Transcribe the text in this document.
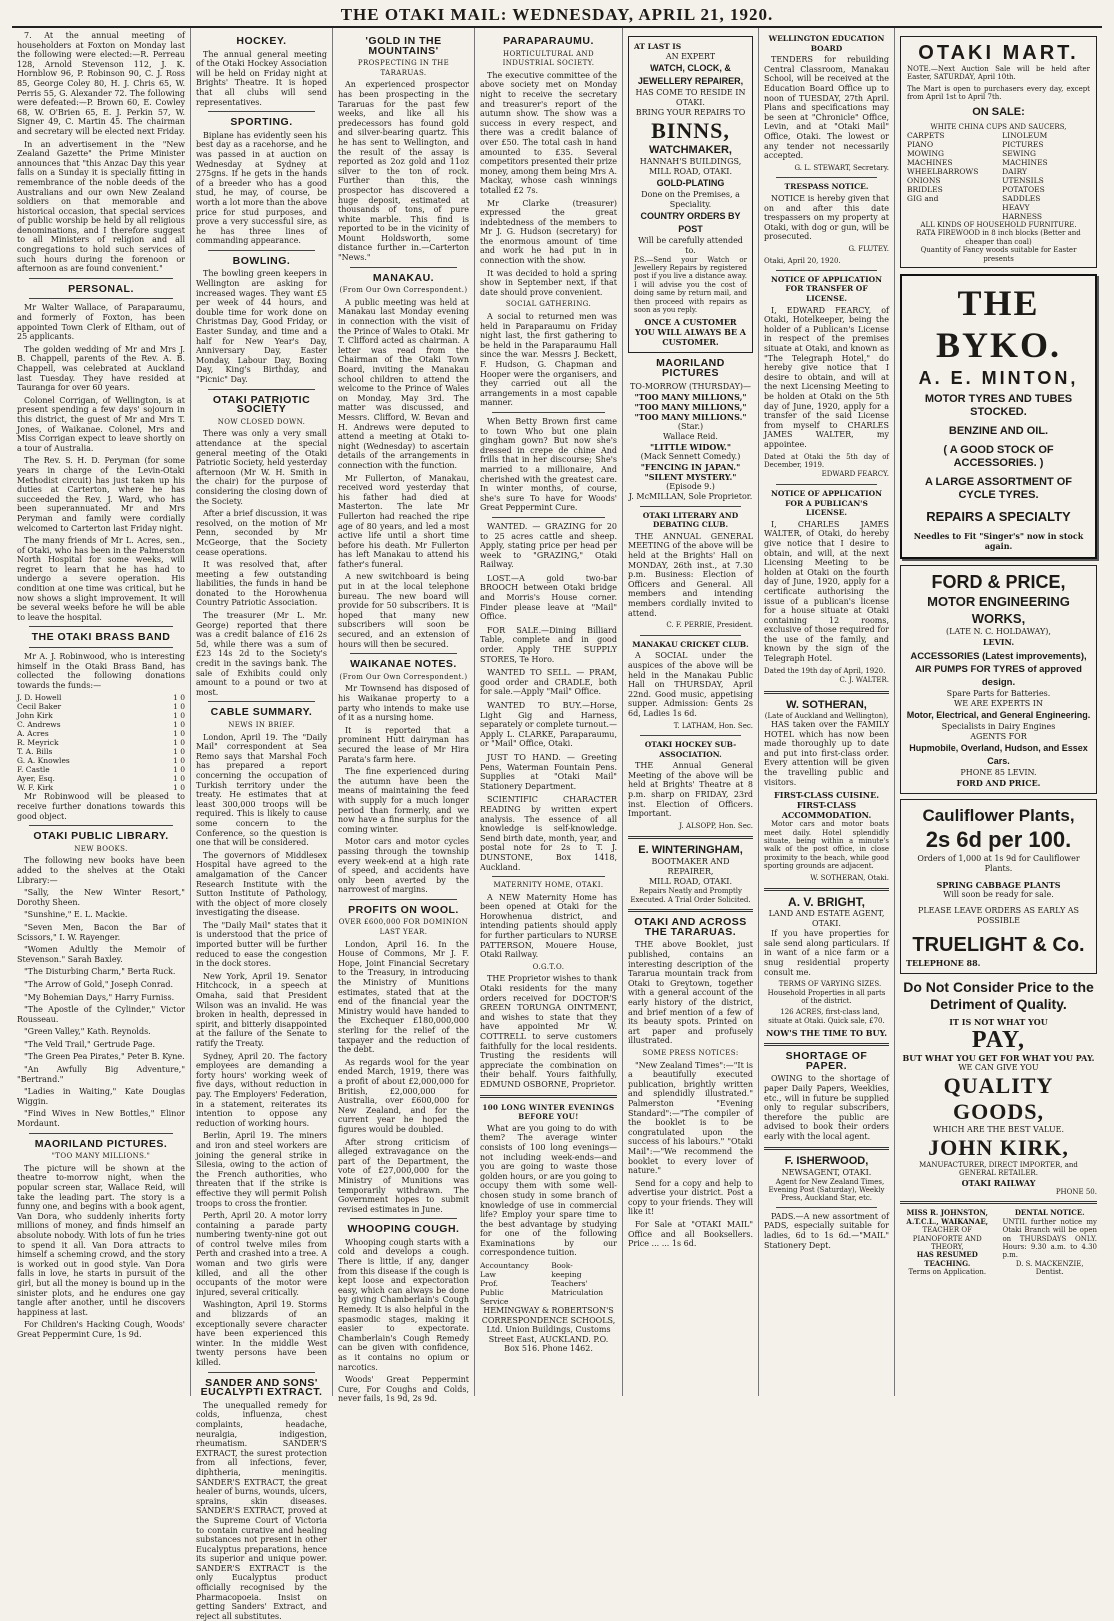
THE OTAKI MAIL: WEDNESDAY, APRIL 21, 1920.

7. At the annual meeting of householders at Foxton on Monday last the following were elected:—R. Perreau 128, Arnold Stevenson 112, J. K. Hornblow 96, P. Robinson 90, C. J. Ross 85, George Coley 80, H. J. Chris 65, W. Perris 55, G. Alexander 72. The following were defeated:—P. Brown 60, E. Cowley 68, W. O'Brien 65, E. J. Perkin 57, W. Signer 49, C. Martin 45. The chairman and secretary will be elected next Friday.

In an advertisement in the "New Zealand Gazette" the Prime Minister announces that "this Anzac Day this year falls on a Sunday it is specially fitting in remembrance of the noble deeds of the Australians and our own New Zealand soldiers on that memorable and historical occasion, that special services of public worship be held by all religious denominations, and I therefore suggest to all Ministers of religion and all congregations to hold such services of such hours during the forenoon or afternoon as are found convenient."

PERSONAL.

Mr Walter Wallace, of Paraparaumu, and formerly of Foxton, has been appointed Town Clerk of Eltham, out of 25 applicants.

The golden wedding of Mr and Mrs J. B. Chappell, parents of the Rev. A. B. Chappell, was celebrated at Auckland last Tuesday. They have resided at Tauranga for over 60 years.

Colonel Corrigan, of Wellington, is at present spending a few days' sojourn in this district, the guest of Mr and Mrs T. Jones, of Waikanae. Colonel, Mrs and Miss Corrigan expect to leave shortly on a tour of Australia.

The Rev. S. H. D. Peryman (for some years in charge of the Levin-Otaki Methodist circuit) has just taken up his duties at Carterton, where he has succeeded the Rev. J. Ward, who has been superannuated. Mr and Mrs Peryman and family were cordially welcomed to Carterton last Friday night.

The many friends of Mr L. Acres, sen., of Otaki, who has been in the Palmerston North Hospital for some weeks, will regret to learn that he has had to undergo a severe operation. His condition at one time was critical, but he now shows a slight improvement. It will be several weeks before he will be able to leave the hospital.

THE OTAKI BRASS BAND

Mr A. J. Robinwood, who is interesting himself in the Otaki Brass Band, has collected the following donations towards the funds:—

J. D. Howell	1 0
Cecil Baker	1 0
John Kirk	1 0
C. Andrews	1 0
A. Acres	1 0
R. Meyrick	1 0
T. A. Bills	1 0
G. A. Knowles	1 0
F. Castle	1 0
Ayer, Esq.	1 0
W. F. Kirk	1 0

Mr Robinwood will be pleased to receive further donations towards this good object.

OTAKI PUBLIC LIBRARY.
NEW BOOKS.

The following new books have been added to the shelves at the Otaki Library:—

"Sally, the New Winter Resort," Dorothy Sheen.

"Sunshine," E. L. Mackie.

"Seven Men, Bacon the Bar of Scissors," I. W. Rayenger.

"Women Adultly the Memoir of Stevenson." Sarah Baxley.

"The Disturbing Charm," Berta Ruck.

"The Arrow of Gold," Joseph Conrad.

"My Bohemian Days," Harry Furniss.

"The Apostle of the Cylinder," Victor Rousseau.

"Green Valley," Kath. Reynolds.

"The Veld Trail," Gertrude Page.

"The Green Pea Pirates," Peter B. Kyne.

"An Awfully Big Adventure," "Bertrand."

"Ladies in Waiting," Kate Douglas Wiggin.

"Find Wives in New Bottles," Elinor Mordaunt.

MAORILAND PICTURES.
"TOO MANY MILLIONS."

The picture will be shown at the theatre to-morrow night, when the popular screen star, Wallace Reid, will take the leading part. The story is a funny one, and begins with a book agent, Van Dora, who suddenly inherits forty millions of money, and finds himself an absolute nobody. With lots of fun he tries to spend it all. Van Dora attracts to himself a scheming crowd, and the story is worked out in good style. Van Dora falls in love, he starts in pursuit of the girl, but all the money is bound up in the sinister plots, and he endures one gay tangle after another, until he discovers happiness at last.

For Children's Hacking Cough, Woods' Great Peppermint Cure, 1s 9d.

HOCKEY.

The annual general meeting of the Otaki Hockey Association will be held on Friday night at Brights' Theatre. It is hoped that all clubs will send representatives.

SPORTING.

Biplane has evidently seen his best day as a racehorse, and he was passed in at auction on Wednesday at Sydney at 275gns. If he gets in the hands of a breeder who has a good stud, he may, of course, be worth a lot more than the above price for stud purposes, and prove a very successful sire, as he has three lines of commanding appearance.

BOWLING.

The bowling green keepers in Wellington are asking for increased wages. They want £5 per week of 44 hours, and double time for work done on Christmas Day, Good Friday, or Easter Sunday, and time and a half for New Year's Day, Anniversary Day, Easter Monday, Labour Day, Boxing Day, King's Birthday, and "Picnic" Day.

OTAKI PATRIOTIC SOCIETY
NOW CLOSED DOWN.

There was only a very small attendance at the special general meeting of the Otaki Patriotic Society, held yesterday afternoon (Mr W. H. Smith in the chair) for the purpose of considering the closing down of the Society.

After a brief discussion, it was resolved, on the motion of Mr Penn, seconded by Mr McGeorge, that the Society cease operations.

It was resolved that, after meeting a few outstanding liabilities, the funds in hand be donated to the Horowhenua Country Patriotic Association.

The treasurer (Mr L. Mr. George) reported that there was a credit balance of £16 2s 5d, while there was a sum of £23 14s 2d to the Society's credit in the savings bank. The sale of Exhibits could only amount to a pound or two at most.

CABLE SUMMARY.
NEWS IN BRIEF.

London, April 19. The "Daily Mail" correspondent at Sea Remo says that Marshal Foch has prepared a report concerning the occupation of Turkish territory under the treaty. He estimates that at least 300,000 troops will be required. This is likely to cause some concern to the Conference, so the question is one that will be considered.

The governors of Middlesex Hospital have agreed to the amalgamation of the Cancer Research Institute with the Sutton Institute of Pathology, with the object of more closely investigating the disease.

The "Daily Mail" states that it is understood that the price of imported butter will be further reduced to ease the congestion in the dock stores.

New York, April 19. Senator Hitchcock, in a speech at Omaha, said that President Wilson was an invalid. He was broken in health, depressed in spirit, and bitterly disappointed at the failure of the Senate to ratify the Treaty.

Sydney, April 20. The factory employees are demanding a forty hours' working week of five days, without reduction in pay. The Employers' Federation, in a statement, reiterates its intention to oppose any reduction of working hours.

Berlin, April 19. The miners and iron and steel workers are joining the general strike in Silesia, owing to the action of the French authorities, who threaten that if the strike is effective they will permit Polish troops to cross the frontier.

Perth, April 20. A motor lorry containing a parade party numbering twenty-nine got out of control twelve miles from Perth and crashed into a tree. A woman and two girls were killed, and all the other occupants of the motor were injured, several critically.

Washington, April 19. Storms and blizzards of an exceptionally severe character have been experienced this winter. In the middle West twenty persons have been killed.

SANDER AND SONS' EUCALYPTI EXTRACT.

The unequalled remedy for colds, influenza, chest complaints, headache, neuralgia, indigestion, rheumatism. SANDER'S EXTRACT, the surest protection from all infections, fever, diphtheria, meningitis. SANDER'S EXTRACT, the great healer of burns, wounds, ulcers, sprains, skin diseases. SANDER'S EXTRACT, proved at the Supreme Court of Victoria to contain curative and healing substances not present in other Eucalyptus preparations, hence its superior and unique power. SANDER'S EXTRACT is the only Eucalyptus product officially recognised by the Pharmacopoeia. Insist on getting Sanders' Extract, and reject all substitutes.

'GOLD IN THE MOUNTAINS'
PROSPECTING IN THE TARARUAS.

An experienced prospector has been prospecting in the Tararuas for the past few weeks, and like all his predecessors has found gold and silver-bearing quartz. This he has sent to Wellington, and the result of the assay is reported as 2oz gold and 11oz silver to the ton of rock. Further than this, the prospector has discovered a huge deposit, estimated at thousands of tons, of pure white marble. This find is reported to be in the vicinity of Mount Holdsworth, some distance further in.—Carterton "News."

MANAKAU.
(From Our Own Correspondent.)

A public meeting was held at Manakau last Monday evening in connection with the visit of the Prince of Wales to Otaki. Mr T. Clifford acted as chairman. A letter was read from the Chairman of the Otaki Town Board, inviting the Manakau school children to attend the welcome to the Prince of Wales on Monday, May 3rd. The matter was discussed, and Messrs. Clifford, W. Bevan and H. Andrews were deputed to attend a meeting at Otaki to-night (Wednesday) to ascertain details of the arrangements in connection with the function.

Mr Fullerton, of Manakau, received word yesterday that his father had died at Masterton. The late Mr Fullerton had reached the ripe age of 80 years, and led a most active life until a short time before his death. Mr Fullerton has left Manakau to attend his father's funeral.

A new switchboard is being put in at the local telephone bureau. The new board will provide for 50 subscribers. It is hoped that many new subscribers will soon be secured, and an extension of hours will then be secured.

WAIKANAE NOTES.
(From Our Own Correspondent.)

Mr Townsend has disposed of his Waikanae property to a party who intends to make use of it as a nursing home.

It is reported that a prominent Hutt dairyman has secured the lease of Mr Hira Parata's farm here.

The fine experienced during the autumn have been the means of maintaining the feed with supply for a much longer period than formerly, and we now have a fine surplus for the coming winter.

Motor cars and motor cycles passing through the township every week-end at a high rate of speed, and accidents have only been averted by the narrowest of margins.

PROFITS ON WOOL.
OVER £600,000 FOR DOMINION LAST YEAR.

London, April 16. In the House of Commons, Mr J. F. Hope, Joint Financial Secretary to the Treasury, in introducing the Ministry of Munitions estimates, stated that at the end of the financial year the Ministry would have handed to the Exchequer £180,000,000 sterling for the relief of the taxpayer and the reduction of the debt.

As regards wool for the year ended March, 1919, there was a profit of about £2,000,000 for British, £2,000,000 for Australia, over £600,000 for New Zealand, and for the current year he hoped the figures would be doubled.

After strong criticism of alleged extravagance on the part of the Department, the vote of £27,000,000 for the Ministry of Munitions was temporarily withdrawn. The Government hopes to submit revised estimates in June.

WHOOPING COUGH.

Whooping cough starts with a cold and develops a cough. There is little, if any, danger from this disease if the cough is kept loose and expectoration easy, which can always be done by giving Chamberlain's Cough Remedy. It is also helpful in the spasmodic stages, making it easier to expectorate. Chamberlain's Cough Remedy can be given with confidence, as it contains no opium or narcotics.

Woods' Great Peppermint Cure, For Coughs and Colds, never fails, 1s 9d, 2s 9d.

PARAPARAUMU.
HORTICULTURAL AND INDUSTRIAL SOCIETY.

The executive committee of the above society met on Monday night to receive the secretary and treasurer's report of the autumn show. The show was a success in every respect, and there was a credit balance of over £50. The total cash in hand amounted to £35. Several competitors presented their prize money, among them being Mrs A. Mackay, whose cash winnings totalled £2 7s.

Mr Clarke (treasurer) expressed the great indebtedness of the members to Mr J. G. Hudson (secretary) for the enormous amount of time and work he had put in in connection with the show.

It was decided to hold a spring show in September next, if that date should prove convenient.

SOCIAL GATHERING.

A social to returned men was held in Paraparaumu on Friday night last, the first gathering to be held in the Paraparaumu Hall since the war. Messrs J. Beckett, F. Hudson, G. Chapman and Hooper were the organisers, and they carried out all the arrangements in a most capable manner.

When Betty Brown first came to town Who but one plain gingham gown? But now she's dressed in crepe de chine And frills that in her discourse; She's married to a millionaire, And cherished with the greatest care. In winter months, of course, she's sure To have for Woods' Great Peppermint Cure.

WANTED. — GRAZING for 20 to 25 acres cattle and sheep. Apply, stating price per head per week to "GRAZING," Otaki Railway.

LOST.—A gold two-bar BROOCH between Otaki bridge and Morris's House corner. Finder please leave at "Mail" Office.

FOR SALE.—Dining Billiard Table, complete and in good order. Apply THE SUPPLY STORES, Te Horo.

WANTED TO SELL. — PRAM, good order and CRADLE, both for sale.—Apply "Mail" Office.

WANTED TO BUY.—Horse, Light Gig and Harness, separately or complete turnout.—Apply L. CLARKE, Paraparaumu, or "Mail" Office, Otaki.

JUST TO HAND. — Greeting Pens, Waterman Fountain Pens. Supplies at "Otaki Mail" Stationery Department.

SCIENTIFIC CHARACTER READING by written expert analysis. The essence of all knowledge is self-knowledge. Send birth date, month, year, and postal note for 2s to T. J. DUNSTONE, Box 1418, Auckland.

MATERNITY HOME, OTAKI.

A NEW Maternity Home has been opened at Otaki for the Horowhenua district, and intending patients should apply for further particulars to NURSE PATTERSON, Mouere House, Otaki Railway.

O.G.T.O.

THE Proprietor wishes to thank Otaki residents for the many orders received for DOCTOR'S GREEN TORUNGA OINTMENT, and wishes to state that they have appointed Mr W. COTTRELL to serve customers faithfully for the local residents. Trusting the residents will appreciate the combination on their behalf. Yours faithfully, EDMUND OSBORNE, Proprietor.

100 LONG WINTER EVENINGS BEFORE YOU!

What are you going to do with them? The average winter consists of 100 long evenings—not including week-ends—and you are going to waste those golden hours, or are you going to occupy them with some well-chosen study in some branch of knowledge of use in commercial life? Employ your spare time to the best advantage by studying for one of the following Examinations by our correspondence tuition.

Accountancy
Law Prof.
Public Service
Book-keeping
Teachers'
Matriculation

HEMINGWAY & ROBERTSON'S CORRESPONDENCE SCHOOLS, Ltd. Union Buildings, Customs Street East, AUCKLAND. P.O. Box 516. Phone 1462.

AT LAST IS
AN EXPERT
WATCH, CLOCK, & JEWELLERY REPAIRER,
HAS COME TO RESIDE IN OTAKI.
BRING YOUR REPAIRS TO
BINNS,
WATCHMAKER,
HANNAH'S BUILDINGS, MILL ROAD, OTAKI.
GOLD-PLATING
Done on the Premises, a Speciality.
COUNTRY ORDERS BY POST
Will be carefully attended to.

P.S.—Send your Watch or Jewellery Repairs by registered post if you live a distance away. I will advise you the cost of doing same by return mail, and then proceed with repairs as soon as you reply.

ONCE A CUSTOMER YOU WILL ALWAYS BE A CUSTOMER.
MAORILAND PICTURES
TO-MORROW (THURSDAY)—
"TOO MANY MILLIONS,"
"TOO MANY MILLIONS,"
"TOO MANY MILLIONS."
(Star.)
Wallace Reid.
"LITTLE WIDOW."
(Mack Sennett Comedy.)
"FENCING IN JAPAN."
"SILENT MYSTERY."
(Episode 9.)
J. McMILLAN, Sole Proprietor.
OTAKI LITERARY AND DEBATING CLUB.

THE ANNUAL GENERAL MEETING of the above will be held at the Brights' Hall on MONDAY, 26th inst., at 7.30 p.m. Business: Election of Officers and General. All members and intending members cordially invited to attend.

C. F. PERRIE, President.
MANAKAU CRICKET CLUB.

A SOCIAL under the auspices of the above will be held in the Manakau Public Hall on THURSDAY, April 22nd. Good music, appetising supper. Admission: Gents 2s 6d, Ladies 1s 6d.

T. LATHAM, Hon. Sec.
OTAKI HOCKEY SUB-ASSOCIATION.

THE Annual General Meeting of the above will be held at Brights' Theatre at 8 p.m. sharp on FRIDAY, 23rd inst. Election of Officers. Important.

J. ALSOPP, Hon. Sec.
E. WINTERINGHAM,
BOOTMAKER AND REPAIRER,
MILL ROAD, OTAKI.

Repairs Neatly and Promptly Executed. A Trial Order Solicited.

OTAKI AND ACROSS THE TARARUAS.

THE above Booklet, just published, contains an interesting description of the Tararua mountain track from Otaki to Greytown, together with a general account of the early history of the district, and brief mention of a few of its beauty spots. Printed on art paper and profusely illustrated.

SOME PRESS NOTICES:

"New Zealand Times":—"It is a beautifully executed publication, brightly written and splendidly illustrated." Palmerston "Evening Standard":—"The compiler of the booklet is to be congratulated upon the success of his labours." "Otaki Mail":—"We recommend the booklet to every lover of nature."

Send for a copy and help to advertise your district. Post a copy to your friends. They will like it!

For Sale at "OTAKI MAIL" Office and all Booksellers. Price ... ... 1s 6d.

WELLINGTON EDUCATION BOARD

TENDERS for rebuilding Central Classroom, Manakau School, will be received at the Education Board Office up to noon of TUESDAY, 27th April. Plans and specifications may be seen at "Chronicle" Office, Levin, and at "Otaki Mail" Office, Otaki. The lowest or any tender not necessarily accepted.

G. L. STEWART, Secretary.
TRESPASS NOTICE.

NOTICE is hereby given that on and after this date trespassers on my property at Otaki, with dog or gun, will be prosecuted.

G. FLUTEY.
Otaki, April 20, 1920.
NOTICE OF APPLICATION FOR TRANSFER OF LICENSE.

I, EDWARD FEARCY, of Otaki, Hotelkeeper, being the holder of a Publican's License in respect of the premises situate at Otaki, and known as "The Telegraph Hotel," do hereby give notice that I desire to obtain, and will at the next Licensing Meeting to be holden at Otaki on the 5th day of June, 1920, apply for a transfer of the said License from myself to CHARLES JAMES WALTER, my appointee.

Dated at Otaki the 5th day of December, 1919.
EDWARD FEARCY.
NOTICE OF APPLICATION FOR A PUBLICAN'S LICENSE.

I, CHARLES JAMES WALTER, of Otaki, do hereby give notice that I desire to obtain, and will, at the next Licensing Meeting to be holden at Otaki on the fourth day of June, 1920, apply for a certificate authorising the issue of a publican's license for a house situate at Otaki containing 12 rooms, exclusive of those required for the use of the family, and known by the sign of the Telegraph Hotel.

Dated the 19th day of April, 1920.
C. J. WALTER.
W. SOTHERAN,
(Late of Auckland and Wellington),

HAS taken over the FAMILY HOTEL which has now been made thoroughly up to date and put into first-class order. Every attention will be given the travelling public and visitors.

FIRST-CLASS CUISINE.
FIRST-CLASS ACCOMMODATION.

Motor cars and motor boats meet daily. Hotel splendidly situate, being within a minute's walk of the post office, in close proximity to the beach, while good sporting grounds are adjacent.

W. SOTHERAN, Otaki.
A. V. BRIGHT,
LAND AND ESTATE AGENT,
OTAKI.

If you have properties for sale send along particulars. If in want of a nice farm or a snug residential property consult me.

TERMS OF VARYING SIZES. Household Properties in all parts of the district.

126 ACRES, first-class land, situate at Otaki. Quick sale, £70.

NOW'S THE TIME TO BUY.
SHORTAGE OF PAPER.

OWING to the shortage of paper Daily Papers, Weeklies, etc., will in future be supplied only to regular subscribers, therefore the public are advised to book their orders early with the local agent.

F. ISHERWOOD,
NEWSAGENT, OTAKI.

Agent for New Zealand Times, Evening Post (Saturday), Weekly Press, Auckland Star, etc.

PADS.—A new assortment of PADS, especially suitable for ladies, 6d to 1s 6d.—"MAIL" Stationery Dept.

OTAKI MART.

NOTE.—Next Auction Sale will be held after Easter, SATURDAY, April 10th.

The Mart is open to purchasers every day, except from April 1st to April 7th.

ON SALE:
WHITE CHINA CUPS AND SAUCERS,
CARPETS
PIANO
MOWING MACHINES
WHEELBARROWS
ONIONS
BRIDLES
GIG and
LINOLEUM
PICTURES
SEWING MACHINES
DAIRY UTENSILS
POTATOES
SADDLES
HEAVY HARNESS
ALL KINDS OF HOUSEHOLD FURNITURE.
RATA FIREWOOD in 8 inch blocks (Better and cheaper than coal)
Quantity of Fancy woods suitable for Easter presents
THE BYKO.
A. E. MINTON,
MOTOR TYRES AND TUBES STOCKED.
BENZINE AND OIL.
( A GOOD STOCK OF ACCESSORIES. )
A LARGE ASSORTMENT OF CYCLE TYRES.
REPAIRS A SPECIALTY
Needles to Fit "Singer's" now in stock again.
FORD & PRICE,
MOTOR ENGINEERING WORKS,
(LATE N. C. HOLDAWAY),
LEVIN.
ACCESSORIES (Latest improvements),
AIR PUMPS FOR TYRES of approved design.
Spare Parts for Batteries.
WE ARE EXPERTS IN
Motor, Electrical, and General Engineering.
Specialists in Dairy Engines
AGENTS FOR
Hupmobile, Overland, Hudson, and Essex Cars.
PHONE 85 LEVIN.
FORD AND PRICE.
Cauliflower Plants,
2s 6d per 100.
Orders of 1,000 at 1s 9d for Cauliflower Plants.
SPRING CABBAGE PLANTS
Will soon be ready for sale.
PLEASE LEAVE ORDERS AS EARLY AS POSSIBLE
TRUELIGHT & Co.
TELEPHONE 88.
Do Not Consider Price to the
Detriment of Quality.
IT IS NOT WHAT YOU
PAY,
BUT WHAT YOU GET FOR WHAT YOU PAY.
WE CAN GIVE YOU
QUALITY GOODS,
WHICH ARE THE BEST VALUE.
JOHN KIRK,
MANUFACTURER, DIRECT IMPORTER, and GENERAL RETAILER.
OTAKI RAILWAY
PHONE 50.
MISS R. JOHNSTON, A.T.C.L., WAIKANAE,
TEACHER OF PIANOFORTE AND THEORY,
HAS RESUMED TEACHING.
Terms on Application.
DENTAL NOTICE.
UNTIL further notice my Otaki Branch will be open on THURSDAYS ONLY. Hours: 9.30 a.m. to 4.30 p.m.
D. S. MACKENZIE, Dentist.
